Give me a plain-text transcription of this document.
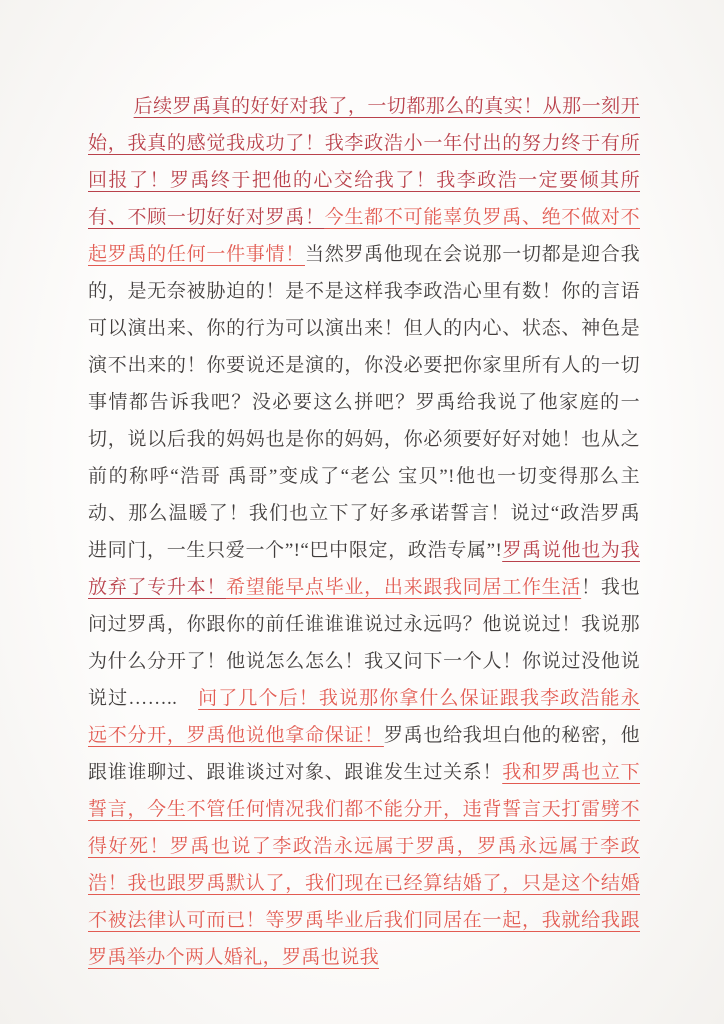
后续罗禹真的好好对我了，一切都那么的真实！从那一刻开始，我真的感觉我成功了！我李政浩小一年付出的努力终于有所回报了！罗禹终于把他的心交给我了！我李政浩一定要倾其所有、不顾一切好好对罗禹！今生都不可能辜负罗禹、绝不做对不起罗禹的任何一件事情！当然罗禹他现在会说那一切都是迎合我的，是无奈被胁迫的！是不是这样我李政浩心里有数！你的言语可以演出来、你的行为可以演出来！但人的内心、状态、神色是演不出来的！你要说还是演的，你没必要把你家里所有人的一切事情都告诉我吧？没必要这么拼吧？罗禹给我说了他家庭的一切，说以后我的妈妈也是你的妈妈，你必须要好好对她！也从之前的称呼“浩哥 禹哥”变成了“老公 宝贝”!他也一切变得那么主动、那么温暖了！我们也立下了好多承诺誓言！说过“政浩罗禹进同门，一生只爱一个”!“巴中限定，政浩专属”!罗禹说他也为我放弃了专升本！希望能早点毕业，出来跟我同居工作生活！我也问过罗禹，你跟你的前任谁谁谁说过永远吗？他说说过！我说那为什么分开了！他说怎么怎么！我又问下一个人！你说过没他说说过……..　问了几个后！我说那你拿什么保证跟我李政浩能永远不分开，罗禹他说他拿命保证！罗禹也给我坦白他的秘密，他跟谁谁聊过、跟谁谈过对象、跟谁发生过关系！我和罗禹也立下誓言，今生不管任何情况我们都不能分开，违背誓言天打雷劈不得好死！罗禹也说了李政浩永远属于罗禹，罗禹永远属于李政浩！我也跟罗禹默认了，我们现在已经算结婚了，只是这个结婚不被法律认可而已！等罗禹毕业后我们同居在一起，我就给我跟罗禹举办个两人婚礼，罗禹也说我
